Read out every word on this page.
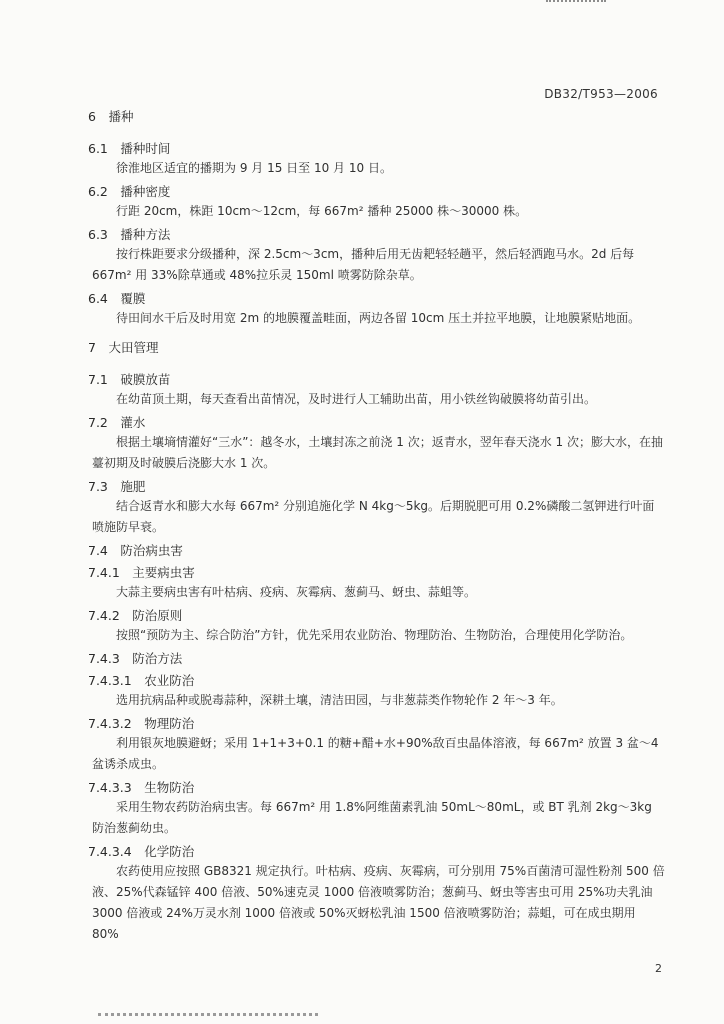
DB32/T953—2006

6　播种

6.1　播种时间

徐淮地区适宜的播期为 9 月 15 日至 10 月 10 日。

6.2　播种密度

行距 20cm，株距 10cm～12cm，每 667m² 播种 25000 株～30000 株。

6.3　播种方法

按行株距要求分级播种，深 2.5cm～3cm，播种后用无齿耙轻轻趟平，然后轻洒跑马水。2d 后每 667m² 用 33%除草通或 48%拉乐灵 150ml 喷雾防除杂草。

6.4　覆膜

待田间水干后及时用宽 2m 的地膜覆盖畦面，两边各留 10cm 压土并拉平地膜，让地膜紧贴地面。

7　大田管理

7.1　破膜放苗

在幼苗顶土期，每天查看出苗情况，及时进行人工辅助出苗，用小铁丝钩破膜将幼苗引出。

7.2　灌水

根据土壤墒情灌好“三水”：越冬水，土壤封冻之前浇 1 次；返青水，翌年春天浇水 1 次；膨大水，在抽薹初期及时破膜后浇膨大水 1 次。

7.3　施肥

结合返青水和膨大水每 667m² 分别追施化学 N 4kg～5kg。后期脱肥可用 0.2%磷酸二氢钾进行叶面喷施防早衰。

7.4　防治病虫害

7.4.1　主要病虫害

大蒜主要病虫害有叶枯病、疫病、灰霉病、葱蓟马、蚜虫、蒜蛆等。

7.4.2　防治原则

按照“预防为主、综合防治”方针，优先采用农业防治、物理防治、生物防治，合理使用化学防治。

7.4.3　防治方法

7.4.3.1　农业防治

选用抗病品种或脱毒蒜种，深耕土壤，清洁田园，与非葱蒜类作物轮作 2 年～3 年。

7.4.3.2　物理防治

利用银灰地膜避蚜；采用 1+1+3+0.1 的糖+醋+水+90%敌百虫晶体溶液，每 667m² 放置 3 盆～4 盆诱杀成虫。

7.4.3.3　生物防治

采用生物农药防治病虫害。每 667m² 用 1.8%阿维菌素乳油 50mL～80mL，或 BT 乳剂 2kg～3kg 防治葱蓟幼虫。

7.4.3.4　化学防治

农药使用应按照 GB8321 规定执行。叶枯病、疫病、灰霉病，可分别用 75%百菌清可湿性粉剂 500 倍液、25%代森锰锌 400 倍液、50%速克灵 1000 倍液喷雾防治；葱蓟马、蚜虫等害虫可用 25%功夫乳油 3000 倍液或 24%万灵水剂 1000 倍液或 50%灭蚜松乳油 1500 倍液喷雾防治；蒜蛆，可在成虫期用 80%

2
